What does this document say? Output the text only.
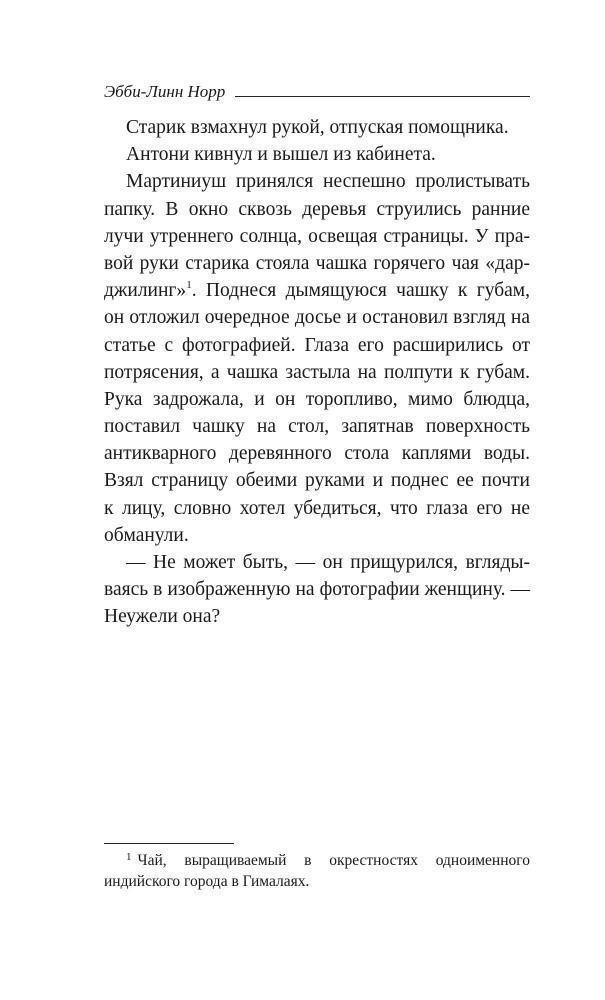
Эбби-Линн Норр
Старик взмахнул рукой, отпуская помощника.
Антони кивнул и вышел из кабинета.
Мартиниуш принялся неспешно пролистывать
папку. В окно сквозь деревья струились ранние
лучи утреннего солнца, освещая страницы. У пра-
вой руки старика стояла чашка горячего чая «дар-
джилинг»$^1$. Поднеся дымящуюся чашку к губам,
он отложил очередное досье и остановил взгляд на
статье с фотографией. Глаза его расширились от
потрясения, а чашка застыла на полпути к губам.
Рука задрожала, и он торопливо, мимо блюдца,
поставил чашку на стол, запятнав поверхность
антикварного деревянного стола каплями воды.
Взял страницу обеими руками и поднес ее почти
к лицу, словно хотел убедиться, что глаза его не
обманули.
— Не может быть, — он прищурился, вгляды-
ваясь в изображенную на фотографии женщину. —
Неужели она?
$^1$ Чай, выращиваемый в окрестностях одноименного
индийского города в Гималаях.
